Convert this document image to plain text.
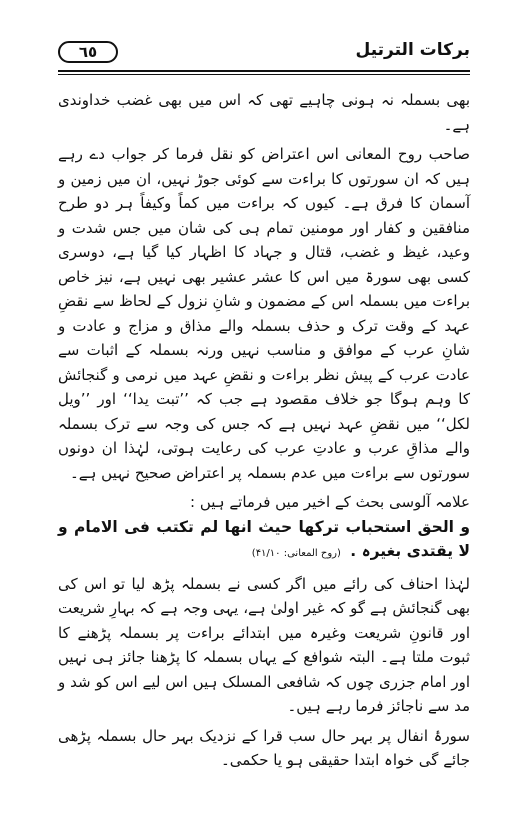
برکات الترتیل
٦٥

بھی بسملہ نہ ہونی چاہیے تھی کہ اس میں بھی غضب خداوندی ہے۔

صاحب روح المعانی اس اعتراض کو نقل فرما کر جواب دے رہے ہیں کہ ان سورتوں کا براءت سے کوئی جوڑ نہیں، ان میں زمین و آسمان کا فرق ہے۔ کیوں کہ براءت میں کماً وکیفاً ہر دو طرح منافقین و کفار اور مومنین تمام ہی کی شان میں جس شدت و وعید، غیظ و غضب، قتال و جہاد کا اظہار کیا گیا ہے، دوسری کسی بھی سورۃ میں اس کا عشر عشیر بھی نہیں ہے، نیز خاص براءت میں بسملہ اس کے مضمون و شانِ نزول کے لحاظ سے نقضِ عہد کے وقت ترک و حذف بسملہ والے مذاق و مزاج و عادت و شانِ عرب کے موافق و مناسب نہیں ورنہ بسملہ کے اثبات سے عادت عرب کے پیش نظر براءت و نقضِ عہد میں نرمی و گنجائش کا وہم ہوگا جو خلاف مقصود ہے جب کہ ’’تبت یدا‘‘ اور ’’ویل لکل‘‘ میں نقضِ عہد نہیں ہے کہ جس کی وجہ سے ترک بسملہ والے مذاقِ عرب و عادتِ عرب کی رعایت ہوتی، لہٰذا ان دونوں سورتوں سے براءت میں عدم بسملہ پر اعتراض صحیح نہیں ہے۔

علامہ آلوسی بحث کے اخیر میں فرماتے ہیں :

و الحق استحباب ترکھا حیث انھا لم تکتب فی الامام و لا یقتدی بغیرہ . (روح المعانی: ۴۱/۱۰)

لہٰذا احناف کی رائے میں اگر کسی نے بسملہ پڑھ لیا تو اس کی بھی گنجائش ہے گو کہ غیر اولیٰ ہے، یہی وجہ ہے کہ بہارِ شریعت اور قانونِ شریعت وغیرہ میں ابتدائے براءت پر بسملہ پڑھنے کا ثبوت ملتا ہے۔ البتہ شوافع کے یہاں بسملہ کا پڑھنا جائز ہی نہیں اور امام جزری چوں کہ شافعی المسلک ہیں اس لیے اس کو شد و مد سے ناجائز فرما رہے ہیں۔

سورۂ انفال پر بہر حال سب قرا کے نزدیک بہر حال بسملہ پڑھی جائے گی خواہ ابتدا حقیقی ہو یا حکمی۔
